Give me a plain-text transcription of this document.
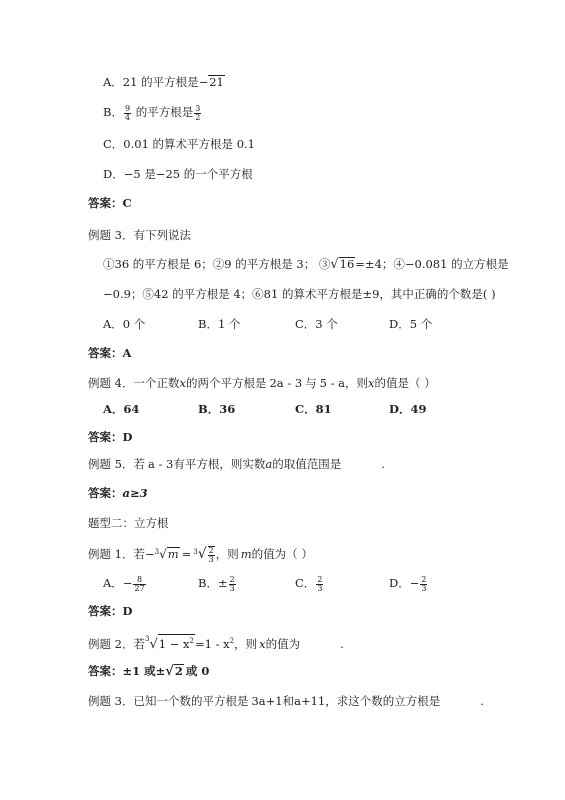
A．21 的平方根是−21
B． $\frac{9}{4}$ 的平方根是 $\frac{3}{2}$
C．0.01 的算术平方根是 0.1
D．−5 是−25 的一个平方根
答案：C
例题 3．有下列说法
①36 的平方根是 6；②9 的平方根是 3； ③√16=±4；④−0.081 的立方根是
−0.9；⑤42 的平方根是 4；⑥81 的算术平方根是±9，其中正确的个数是( )
A．0 个	B．1 个	C．3 个	D．5 个
答案：A
例题 4．一个正数x的两个平方根是 2a - 3 与 5 - a，则x的值是（ ）
A．64	B．36	C．81	D．49
答案：D
例题 5．若 a - 3有平方根，则实数a的取值范围是	.
答案：a≥3
题型二：立方根
例题 1．若$-^3√m = ^3√ \frac{2}{3}$ ，则 m的值为（ ）
A．− $\frac{8}{27}$	B．± $\frac{2}{3}$	C． $\frac{2}{3}$	D．− $\frac{2}{3}$
答案：D
例题 2．若$^3√1 - x^2=1 - x^2$，则 x的值为	.
答案：±1 或±√2 或 0
例题 3．已知一个数的平方根是 3a+1和a+11，求这个数的立方根是	.
